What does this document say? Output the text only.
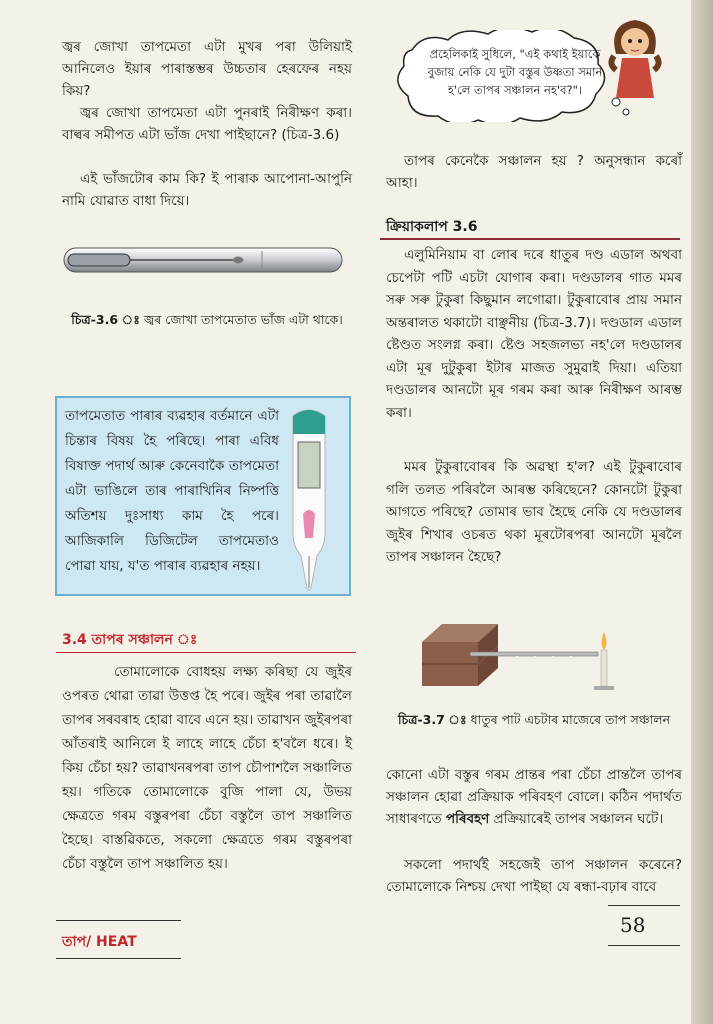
জ্বৰ জোখা তাপমেতা এটা মুখৰ পৰা উলিয়াই আনিলেও ইয়াৰ পাৰাস্তম্ভৰ উচ্চতাৰ হেৰফেৰ নহয় কিয়?

জ্বৰ জোখা তাপমেতা এটা পুনৰাই নিৰীক্ষণ কৰা। বাল্বৰ সমীপত এটা ভাঁজ দেখা পাইছানে? (চিত্ৰ-3.6)

এই ভাঁজটোৰ কাম কি? ই পাৰাক আপোনা-আপুনি নামি যোৱাত বাধা দিয়ে।

চিত্ৰ-3.6 ঃ জ্বৰ জোখা তাপমেতাত ভাঁজ এটা থাকে।

তাপমেতাত পাৰাৰ ব্যৱহাৰ বৰ্তমানে এটা চিন্তাৰ বিষয় হৈ পৰিছে। পাৰা এবিধ বিষাক্ত পদাৰ্থ আৰু কেনেবাকৈ তাপমেতা এটা ভাঙিলে তাৰ পাৰাখিনিৰ নিষ্পত্তি অতিশয় দুঃসাধ্য কাম হৈ পৰে। আজিকালি ডিজিটেল তাপমেতাও পোৱা যায়, য'ত পাৰাৰ ব্যৱহাৰ নহয়।

3.4 তাপৰ সঞ্চালন ঃ

তোমালোকে বোধহয় লক্ষ্য কৰিছা যে জুইৰ ওপৰত থোৱা তাৱা উত্তপ্ত হৈ পৰে। জুইৰ পৰা তাৱালৈ তাপৰ সৰবৰাহ হোৱা বাবে এনে হয়। তাৱাখন জুইৰপৰা আঁতৰাই আনিলে ই লাহে লাহে চেঁচা হ'বলৈ ধৰে। ই কিয় চেঁচা হয়? তাৱাখনৰপৰা তাপ চৌপাশলৈ সঞ্চালিত হয়। গতিকে তোমালোকে বুজি পালা যে, উভয় ক্ষেত্ৰতে গৰম বস্তুৰপৰা চেঁচা বস্তুলৈ তাপ সঞ্চালিত হৈছে। বাস্তৱিকতে, সকলো ক্ষেত্ৰতে গৰম বস্তুৰপৰা চেঁচা বস্তুলৈ তাপ সঞ্চালিত হয়।

তাপ/ HEAT

প্ৰহেলিকাই সুধিলে, "এই কথাই ইয়াকে বুজায় নেকি যে দুটা বস্তুৰ উষ্ণতা সমান হ'লে তাপৰ সঞ্চালন নহ'ব?"।

তাপৰ কেনেকৈ সঞ্চালন হয় ? অনুসন্ধান কৰোঁ আহা।

ক্ৰিয়াকলাপ 3.6

এলুমিনিয়াম বা লোৰ দৰে ধাতুৰ দণ্ড এডাল অথবা চেপেটা পটি এচটা যোগাৰ কৰা। দণ্ডডালৰ গাত মমৰ সৰু সৰু টুকুৰা কিছুমান লগোৱা। টুকুৰাবোৰ প্ৰায় সমান অন্তৰালত থকাটো বাঞ্ছনীয় (চিত্ৰ-3.7)। দণ্ডডাল এডাল ষ্টেণ্ডত সংলগ্ন কৰা। ষ্টেণ্ড সহজলভ্য নহ'লে দণ্ডডালৰ এটা মূৰ দুটুকুৰা ইটাৰ মাজত সুমুৱাই দিয়া। এতিয়া দণ্ডডালৰ আনটো মূৰ গৰম কৰা আৰু নিৰীক্ষণ আৰম্ভ কৰা।

মমৰ টুকুৰাবোৰৰ কি অৱস্থা হ'ল? এই টুকুৰাবোৰ গলি তলত পৰিবলৈ আৰম্ভ কৰিছেনে? কোনটো টুকুৰা আগতে পৰিছে? তোমাৰ ভাব হৈছে নেকি যে দণ্ডডালৰ জুইৰ শিখাৰ ওচৰত থকা মূৰটোৰপৰা আনটো মূৰলৈ তাপৰ সঞ্চালন হৈছে?

চিত্ৰ-3.7 ঃ ধাতুৰ পাট এচটাৰ মাজেৰে তাপ সঞ্চালন

কোনো এটা বস্তুৰ গৰম প্ৰান্তৰ পৰা চেঁচা প্ৰান্তলৈ তাপৰ সঞ্চালন হোৱা প্ৰক্ৰিয়াক পৰিবহণ বোলে। কঠিন পদাৰ্থত সাধাৰণতে পৰিবহণ প্ৰক্ৰিয়াৰেই তাপৰ সঞ্চালন ঘটে।

সকলো পদাৰ্থই সহজেই তাপ সঞ্চালন কৰেনে? তোমালোকে নিশ্চয় দেখা পাইছা যে ৰন্ধা-বঢ়াৰ বাবে

58
